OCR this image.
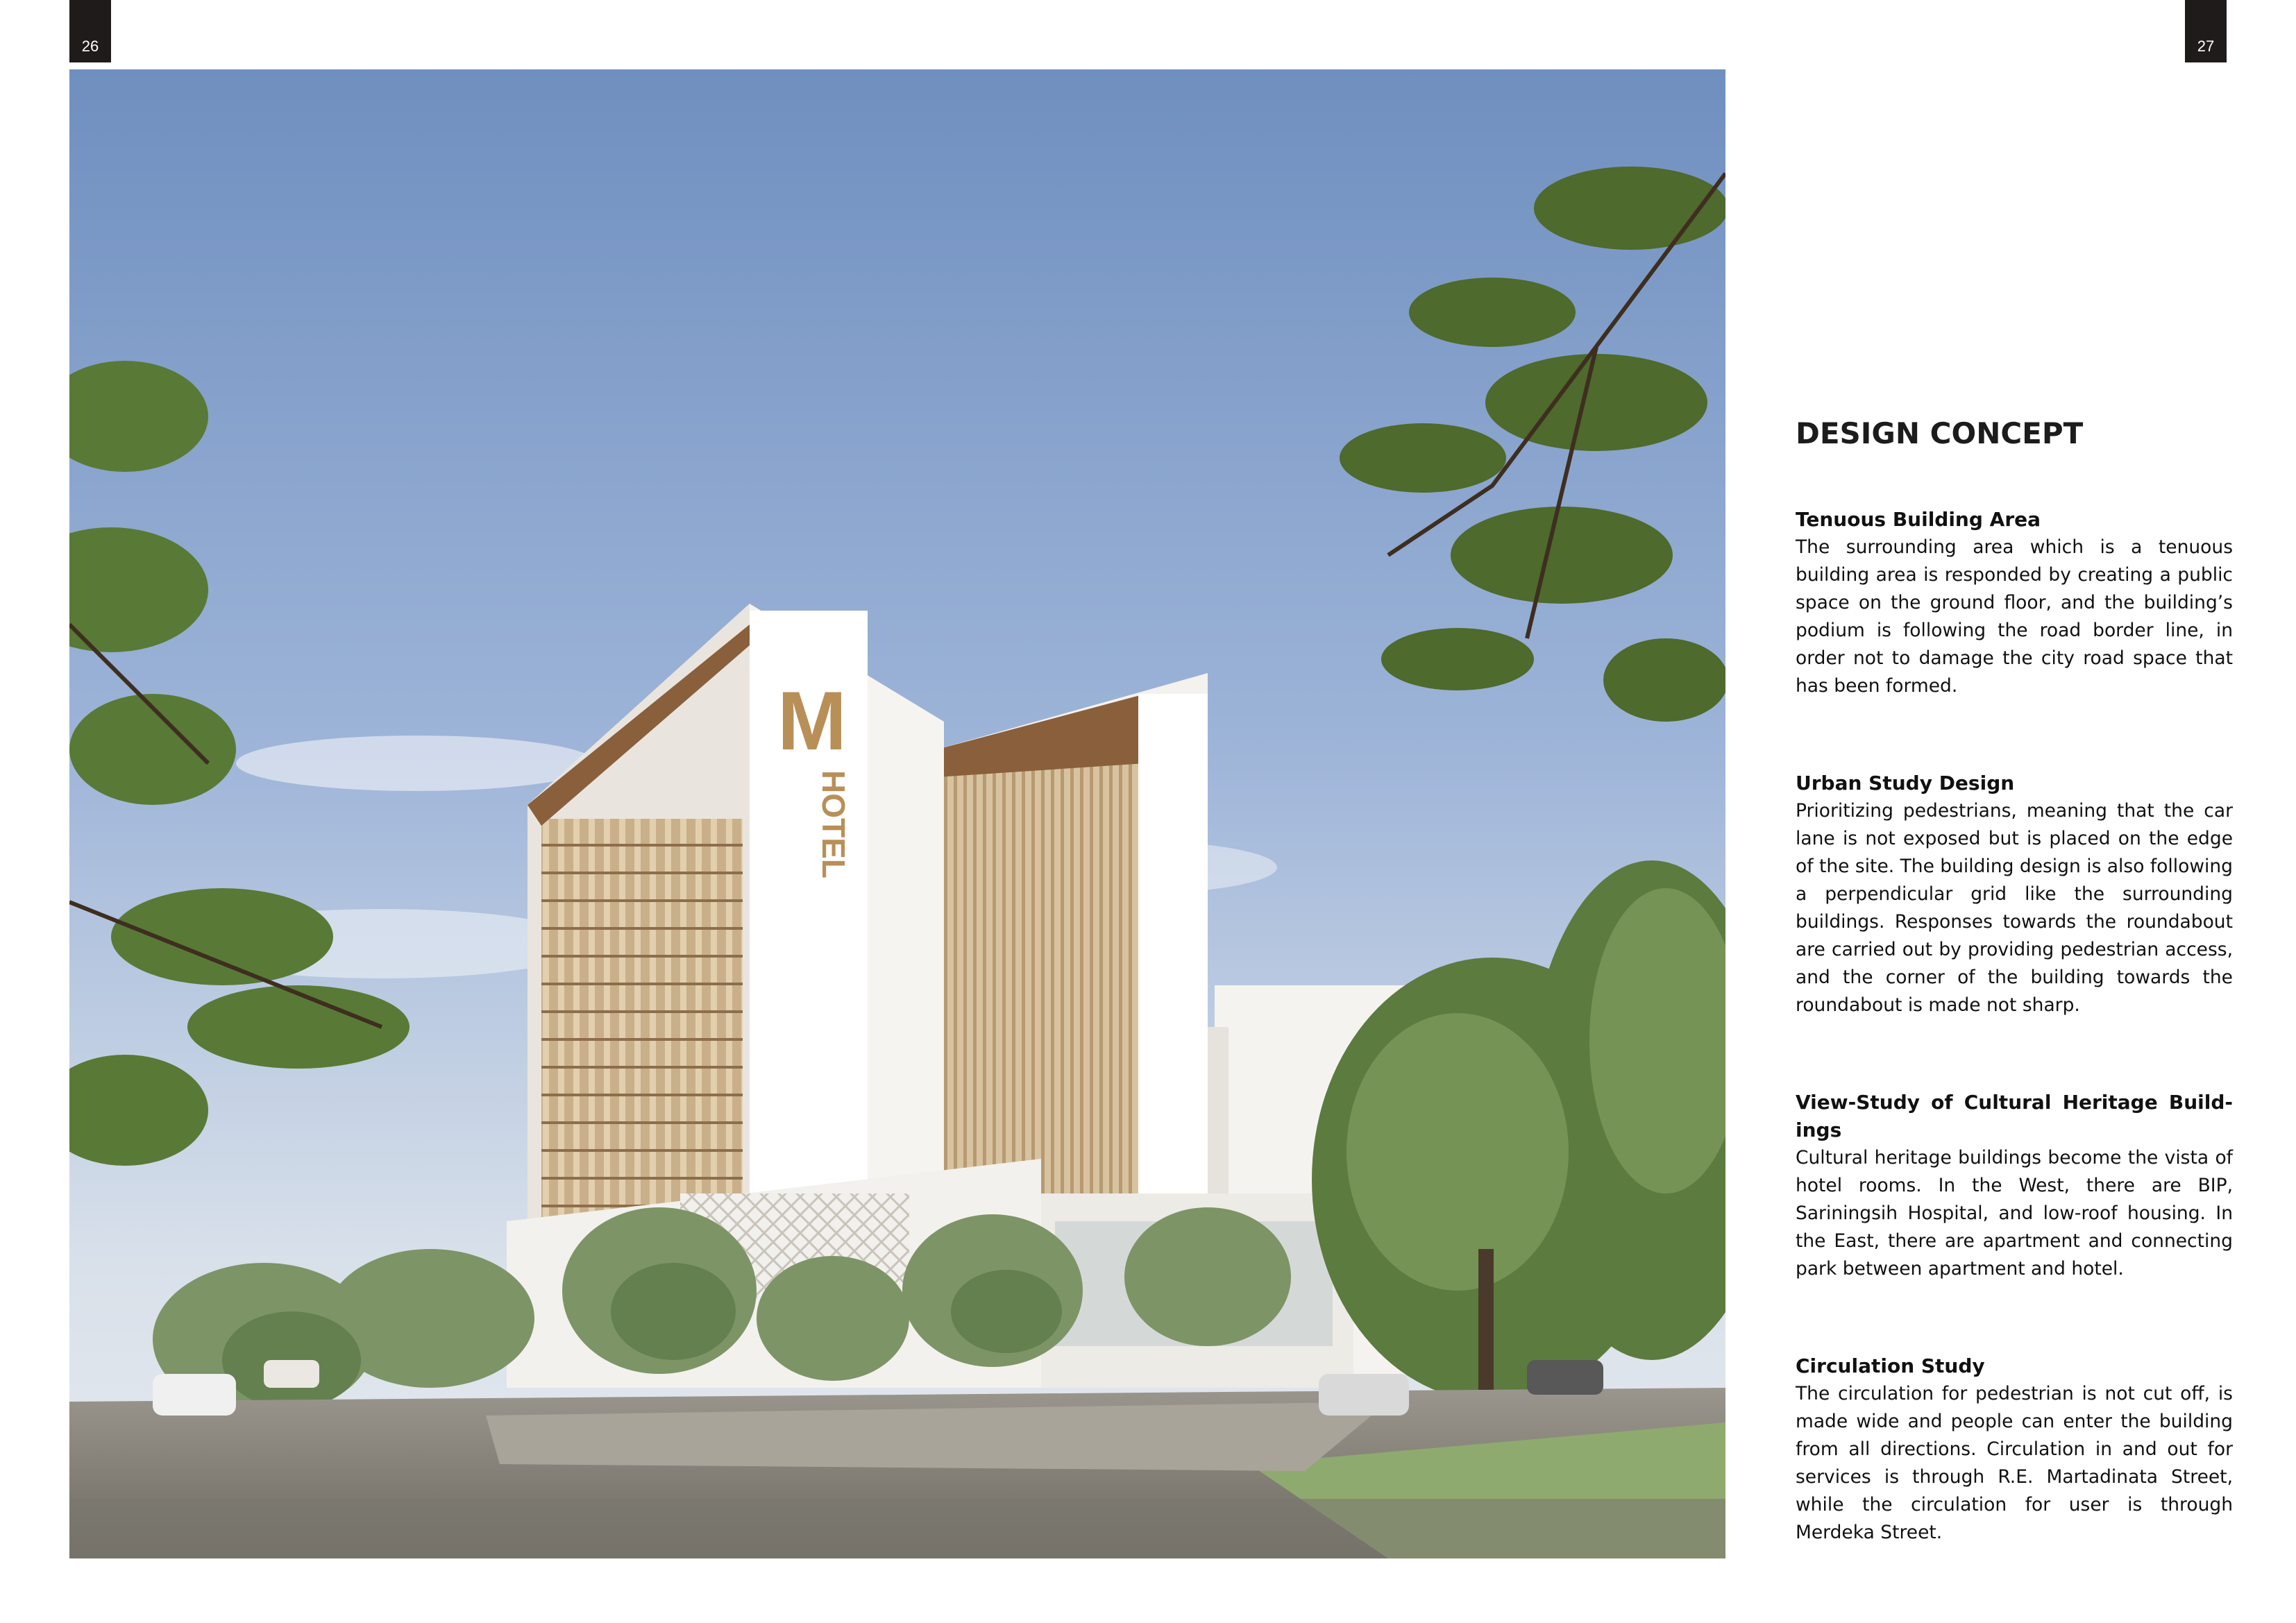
26	27
M
HOTEL
DESIGN CONCEPT

Tenuous Building Area

The surrounding area which is a tenuous building area is responded by creating a public space on the ground floor, and the building’s podium is following the road border line, in order not to damage the city road space that has been formed.

Urban Study Design

Prioritizing pedestrians, meaning that the car lane is not exposed but is placed on the edge of the site. The building design is also following a perpendicular grid like the surrounding buildings. Responses towards the roundabout are carried out by providing pedestrian access, and the corner of the building towards the roundabout is made not sharp.

View-Study of Cultural Heritage Buildings

Cultural heritage buildings become the vista of hotel rooms. In the West, there are BIP, Sariningsih Hospital, and low-roof housing. In the East, there are apartment and connecting park between apartment and hotel.

Circulation Study

The circulation for pedestrian is not cut off, is made wide and people can enter the building from all directions. Circulation in and out for services is through R.E. Martadinata Street, while the circulation for user is through Merdeka Street.
